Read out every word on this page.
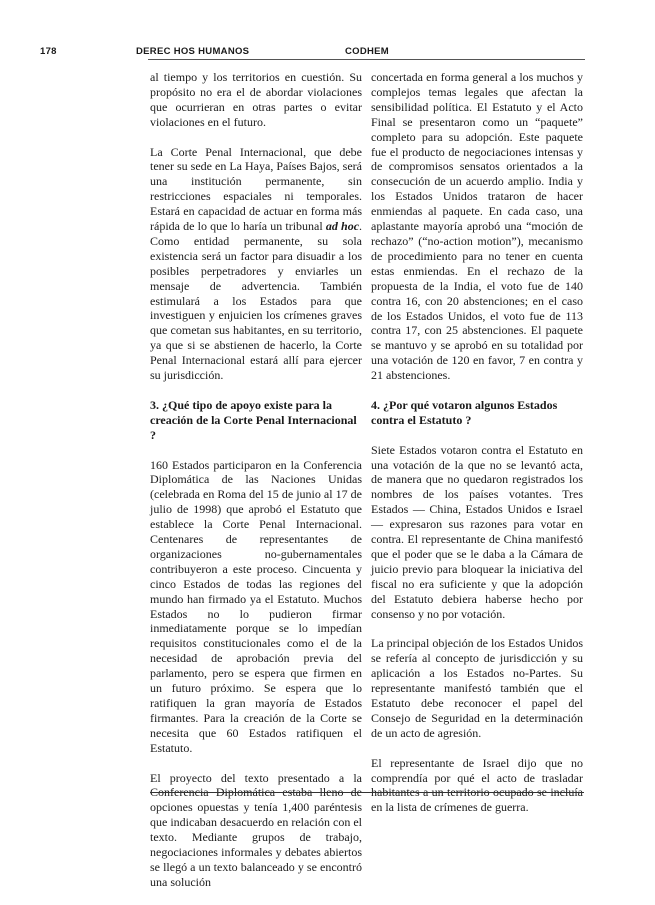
178	DEREC HOS HUMANOS	CODHEM

al tiempo y los territorios en cuestión. Su propósito no era el de abordar violaciones que ocurrieran en otras partes o evitar violaciones en el futuro.

La Corte Penal Internacional, que debe tener su sede en La Haya, Países Bajos, será una institución permanente, sin restricciones espaciales ni temporales. Estará en capacidad de actuar en forma más rápida de lo que lo haría un tribunal ad hoc. Como entidad permanente, su sola existencia será un factor para disuadir a los posibles perpetradores y enviarles un mensaje de advertencia. También estimulará a los Estados para que investiguen y enjuicien los crímenes graves que cometan sus habitantes, en su territorio, ya que si se abstienen de hacerlo, la Corte Penal Internacional estará allí para ejercer su jurisdicción.

3. ¿Qué tipo de apoyo existe para la creación de la Corte Penal Internacional ?

160 Estados participaron en la Conferencia Diplomática de las Naciones Unidas (celebrada en Roma del 15 de junio al 17 de julio de 1998) que aprobó el Estatuto que establece la Corte Penal Internacional. Centenares de representantes de organizaciones no-gubernamentales contribuyeron a este proceso. Cincuenta y cinco Estados de todas las regiones del mundo han firmado ya el Estatuto. Muchos Estados no lo pudieron firmar inmediatamente porque se lo impedían requisitos constitucionales como el de la necesidad de aprobación previa del parlamento, pero se espera que firmen en un futuro próximo. Se espera que lo ratifiquen la gran mayoría de Estados firmantes. Para la creación de la Corte se necesita que 60 Estados ratifiquen el Estatuto.

El proyecto del texto presentado a la Conferencia Diplomática estaba lleno de opciones opuestas y tenía 1,400 paréntesis que indicaban desacuerdo en relación con el texto. Mediante grupos de trabajo, negociaciones informales y debates abiertos se llegó a un texto balanceado y se encontró una solución

concertada en forma general a los muchos y complejos temas legales que afectan la sensibilidad política. El Estatuto y el Acto Final se presentaron como un “paquete” completo para su adopción. Este paquete fue el producto de negociaciones intensas y de compromisos sensatos orientados a la consecución de un acuerdo amplio. India y los Estados Unidos trataron de hacer enmiendas al paquete. En cada caso, una aplastante mayoría aprobó una “moción de rechazo” (“no-action motion”), mecanismo de procedimiento para no tener en cuenta estas enmiendas. En el rechazo de la propuesta de la India, el voto fue de 140 contra 16, con 20 abstenciones; en el caso de los Estados Unidos, el voto fue de 113 contra 17, con 25 abstenciones. El paquete se mantuvo y se aprobó en su totalidad por una votación de 120 en favor, 7 en contra y 21 abstenciones.

4. ¿Por qué votaron algunos Estados contra el Estatuto ?

Siete Estados votaron contra el Estatuto en una votación de la que no se levantó acta, de manera que no quedaron registrados los nombres de los países votantes. Tres Estados — China, Estados Unidos e Israel — expresaron sus razones para votar en contra. El representante de China manifestó que el poder que se le daba a la Cámara de juicio previo para bloquear la iniciativa del fiscal no era suficiente y que la adopción del Estatuto debiera haberse hecho por consenso y no por votación.

La principal objeción de los Estados Unidos se refería al concepto de jurisdicción y su aplicación a los Estados no-Partes. Su representante manifestó también que el Estatuto debe reconocer el papel del Consejo de Seguridad en la determinación de un acto de agresión.

El representante de Israel dijo que no comprendía por qué el acto de trasladar habitantes a un territorio ocupado se incluía en la lista de crímenes de guerra.
